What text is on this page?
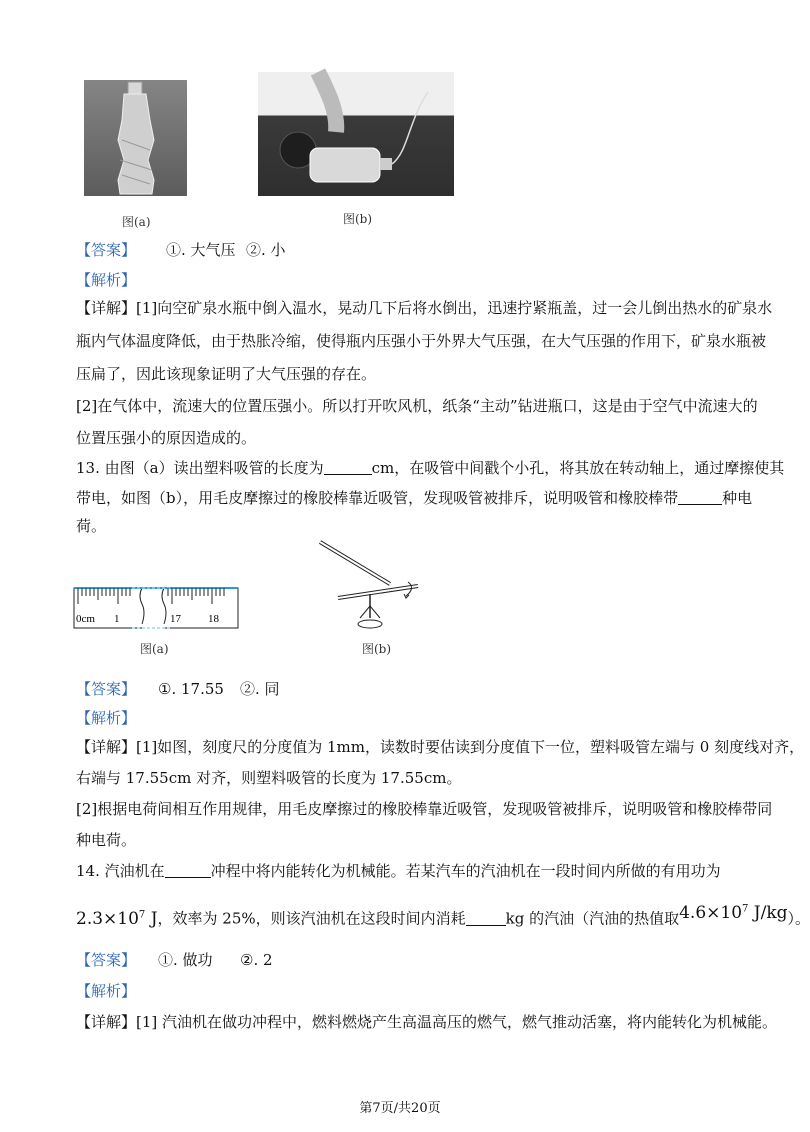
图(a)	图(b)
【答案】 ①. 大气压 ②. 小
【解析】
【详解】[1]向空矿泉水瓶中倒入温水，晃动几下后将水倒出，迅速拧紧瓶盖，过一会儿倒出热水的矿泉水
瓶内气体温度降低，由于热胀冷缩，使得瓶内压强小于外界大气压强，在大气压强的作用下，矿泉水瓶被
压扁了，因此该现象证明了大气压强的存在。
[2]在气体中，流速大的位置压强小。所以打开吹风机，纸条“主动”钻进瓶口，这是由于空气中流速大的
位置压强小的原因造成的。
13. 由图（a）读出塑料吸管的长度为	cm，在吸管中间戳个小孔，将其放在转动轴上，通过摩擦使其
带电，如图（b），用毛皮摩擦过的橡胶棒靠近吸管，发现吸管被排斥，说明吸管和橡胶棒带	种电
荷。
0cm 1	17 18
图(a)	图(b)
【答案】 ①. 17.55 ②. 同
【解析】
【详解】[1]如图，刻度尺的分度值为 1mm，读数时要估读到分度值下一位，塑料吸管左端与 0 刻度线对齐，
右端与 17.55cm 对齐，则塑料吸管的长度为 17.55cm。
[2]根据电荷间相互作用规律，用毛皮摩擦过的橡胶棒靠近吸管，发现吸管被排斥，说明吸管和橡胶棒带同
种电荷。
14. 汽油机在	冲程中将内能转化为机械能。若某汽车的汽油机在一段时间内所做的有用功为
$2.3\times 10^7$ J，效率为 25%，则该汽油机在这段时间内消耗	kg 的汽油（汽油的热值取$4.6\times 10^7$ J/kg）。
【答案】 ①. 做功 ②. 2
【解析】
【详解】[1] 汽油机在做功冲程中，燃料燃烧产生高温高压的燃气，燃气推动活塞，将内能转化为机械能。
第7页/共20页
